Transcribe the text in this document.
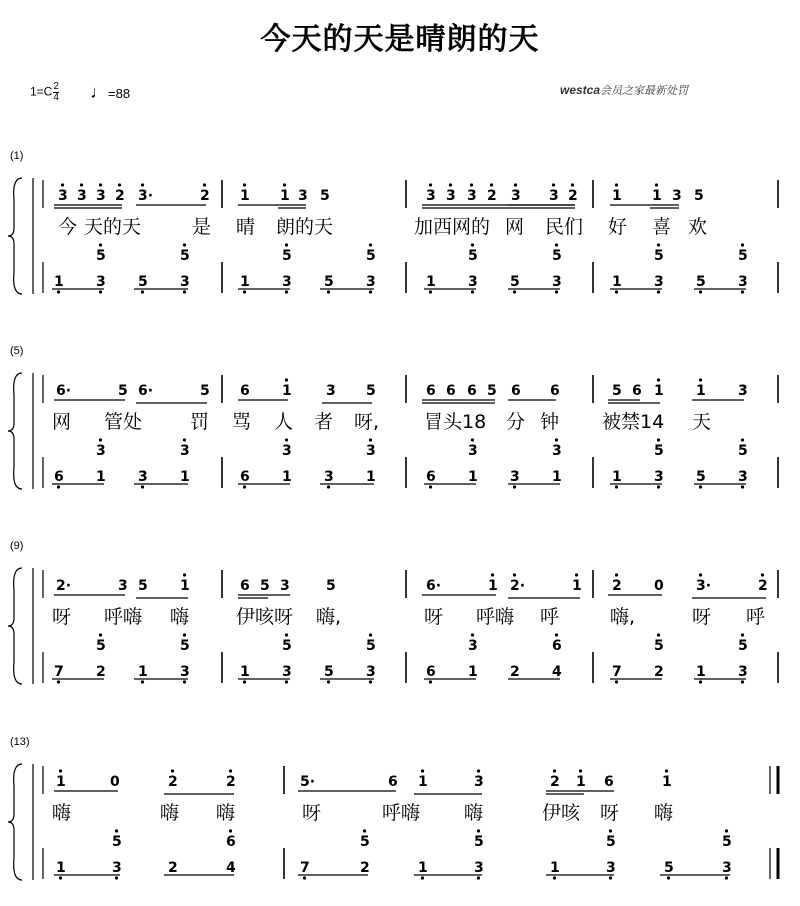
今天的天是晴朗的天
$1=C \frac{2}{4}$ ♩=88	westca会员之家最新处罚
3 3 3 2 3·	2 1 1 3 5	3 3 3 2 3 3 2 1 1 3 5
5	5	5	5	5	5	5	5
1 3 5 3	1 3 5 3	1 3 5 3	1 3 5 3
今 天的天	是 晴 朗的天	加西网的 网 民们 好 喜 欢
6·	5 6·	5 6 1 3 5	6 6 6 5 6 6	5 6 1 1 3
3	3	3	3	3	3	5	5
6 1 3 1	6 1 3 1	6 1 3 1	1 3 5 3
网 管处	罚 骂 人 者 呀, 冒头18 分 钟 被禁14 天
2·	3 5 1	6 5 3	5	6·	1 2·	1 2 0 3·	2
5	5	5	5	3	6	5	5
7 2 1 3	1 3 5 3	6 1 2 4	7 2 1 3
呀 呼嗨 嗨 伊咳呀 嗨,	呀 呼嗨 呼	嗨,	呀 呼
1	0	2	2	5·	6 1	3	2 1 6	1
5	6	5	5	5	5
1	3	2	4	7	2	1	3	1	3	5	3
嗨	嗨 嗨	呀	呼嗨 嗨	伊咳 呀 嗨
(1)
(5)
(9)
(13)
